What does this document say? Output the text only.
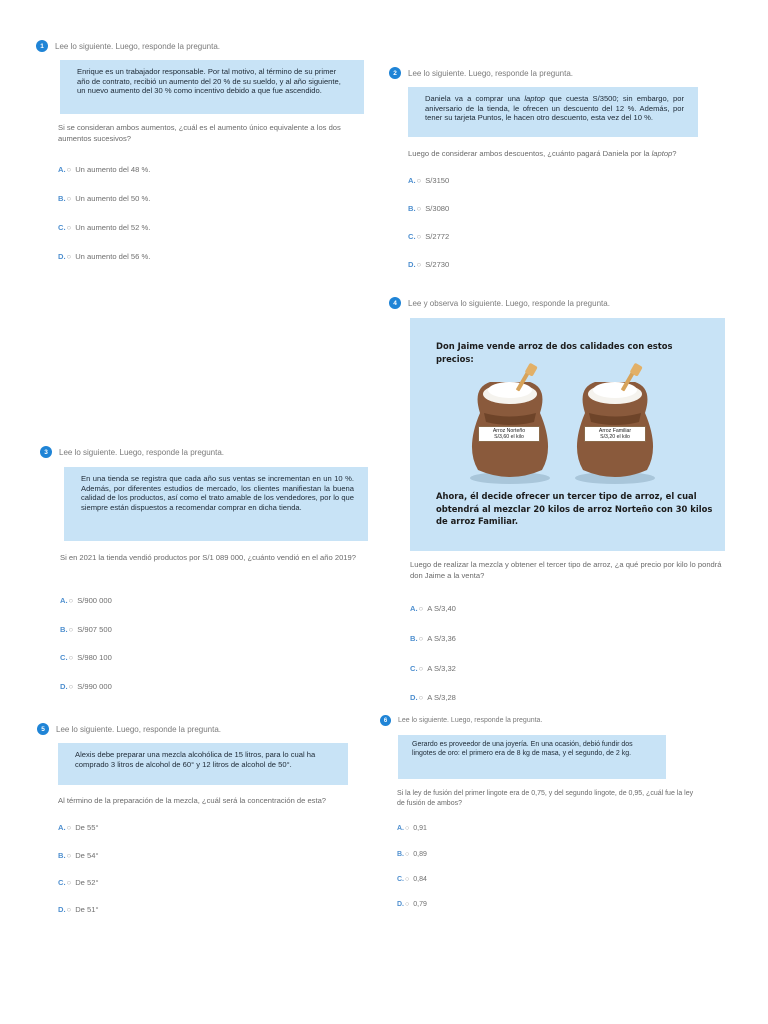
1	Lee lo siguiente. Luego, responde la pregunta.
Enrique es un trabajador responsable. Por tal motivo, al término de su primer año de contrato, recibió un aumento del 20 % de su sueldo, y al año siguiente, un nuevo aumento del 30 % como incentivo debido a que fue ascendido.
Si se consideran ambos aumentos, ¿cuál es el aumento único equivalente a los dos aumentos sucesivos?
A.○ Un aumento del 48 %.
B.○ Un aumento del 50 %.
C.○ Un aumento del 52 %.
D.○ Un aumento del 56 %.
2	Lee lo siguiente. Luego, responde la pregunta.
Daniela va a comprar una laptop que cuesta S/3500; sin embargo, por aniversario de la tienda, le ofrecen un descuento del 12 %. Además, por tener su tarjeta Puntos, le hacen otro descuento, esta vez del 10 %.
Luego de considerar ambos descuentos, ¿cuánto pagará Daniela por la laptop?
A.○ S/3150
B.○ S/3080
C.○ S/2772
D.○ S/2730
4	Lee y observa lo siguiente. Luego, responde la pregunta.
Don Jaime vende arroz de dos calidades con estos precios:
Arroz Norteño
S/3,60 el kilo
Arroz Familiar
S/3,20 el kilo
Ahora, él decide ofrecer un tercer tipo de arroz, el cual obtendrá al mezclar 20 kilos de arroz Norteño con 30 kilos de arroz Familiar.
Luego de realizar la mezcla y obtener el tercer tipo de arroz, ¿a qué precio por kilo lo pondrá don Jaime a la venta?
A.○ A S/3,40
B.○ A S/3,36
C.○ A S/3,32
D.○ A S/3,28
3	Lee lo siguiente. Luego, responde la pregunta.
En una tienda se registra que cada año sus ventas se incrementan en un 10 %. Además, por diferentes estudios de mercado, los clientes manifiestan la buena calidad de los productos, así como el trato amable de los vendedores, por lo que siempre están dispuestos a recomendar comprar en dicha tienda.
Si en 2021 la tienda vendió productos por S/1 089 000, ¿cuánto vendió en el año 2019?
A.○ S/900 000
B.○ S/907 500
C.○ S/980 100
D.○ S/990 000
5	Lee lo siguiente. Luego, responde la pregunta.
Alexis debe preparar una mezcla alcohólica de 15 litros, para lo cual ha comprado 3 litros de alcohol de 60° y 12 litros de alcohol de 50°.
Al término de la preparación de la mezcla, ¿cuál será la concentración de esta?
A.○ De 55°
B.○ De 54°
C.○ De 52°
D.○ De 51°
6	Lee lo siguiente. Luego, responde la pregunta.
Gerardo es proveedor de una joyería. En una ocasión, debió fundir dos lingotes de oro: el primero era de 8 kg de masa, y el segundo, de 2 kg.
Si la ley de fusión del primer lingote era de 0,75, y del segundo lingote, de 0,95, ¿cuál fue la ley de fusión de ambos?
A.○ 0,91
B.○ 0,89
C.○ 0,84
D.○ 0,79
